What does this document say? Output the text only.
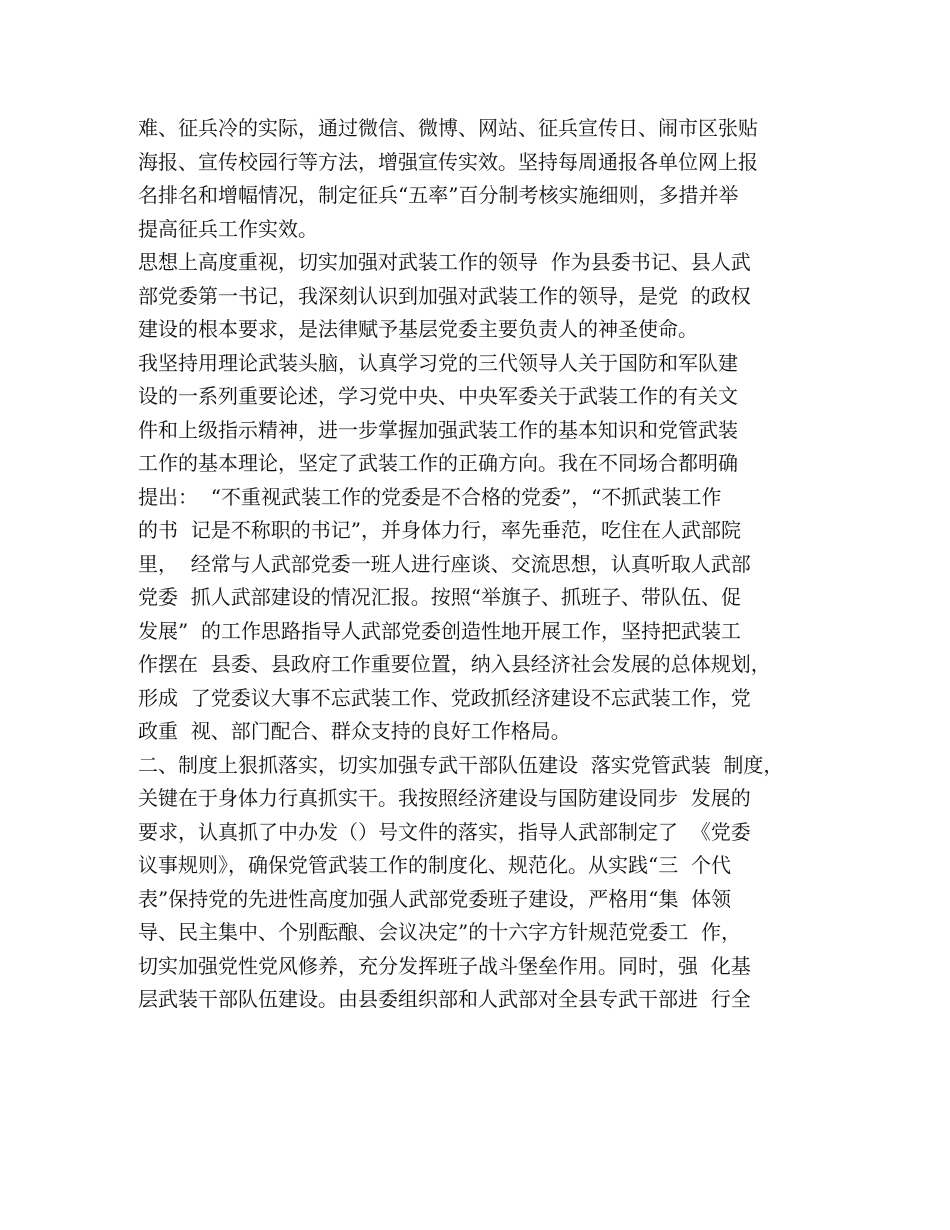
难、征兵冷的实际，通过微信、微博、网站、征兵宣传日、闹市区张贴
海报、宣传校园行等方法，增强宣传实效。坚持每周通报各单位网上报
名排名和增幅情况，制定征兵“五率”百分制考核实施细则，多措并举
提高征兵工作实效。
思想上高度重视，切实加强对武装工作的领导  作为县委书记、县人武
部党委第一书记，我深刻认识到加强对武装工作的领导，是党  的政权
建设的根本要求，是法律赋予基层党委主要负责人的神圣使命。
我坚持用理论武装头脑，认真学习党的三代领导人关于国防和军队建
设的一系列重要论述，学习党中央、中央军委关于武装工作的有关文
件和上级指示精神，进一步掌握加强武装工作的基本知识和党管武装
工作的基本理论，坚定了武装工作的正确方向。我在不同场合都明确
提出：  “不重视武装工作的党委是不合格的党委”，“不抓武装工作
的书  记是不称职的书记”，并身体力行，率先垂范，吃住在人武部院
里，  经常与人武部党委一班人进行座谈、交流思想，认真听取人武部
党委  抓人武部建设的情况汇报。按照“举旗子、抓班子、带队伍、促
发展”  的工作思路指导人武部党委创造性地开展工作，坚持把武装工
作摆在  县委、县政府工作重要位置，纳入县经济社会发展的总体规划，
形成  了党委议大事不忘武装工作、党政抓经济建设不忘武装工作，党
政重  视、部门配合、群众支持的良好工作格局。
二、制度上狠抓落实，切实加强专武干部队伍建设  落实党管武装  制度，
关键在于身体力行真抓实干。我按照经济建设与国防建设同步  发展的
要求，认真抓了中办发（）号文件的落实，指导人武部制定了  《党委
议事规则》，确保党管武装工作的制度化、规范化。从实践“三  个代
表”保持党的先进性高度加强人武部党委班子建设，严格用“集  体领
导、民主集中、个别酝酿、会议决定”的十六字方针规范党委工  作，
切实加强党性党风修养，充分发挥班子战斗堡垒作用。同时，强  化基
层武装干部队伍建设。由县委组织部和人武部对全县专武干部进  行全
